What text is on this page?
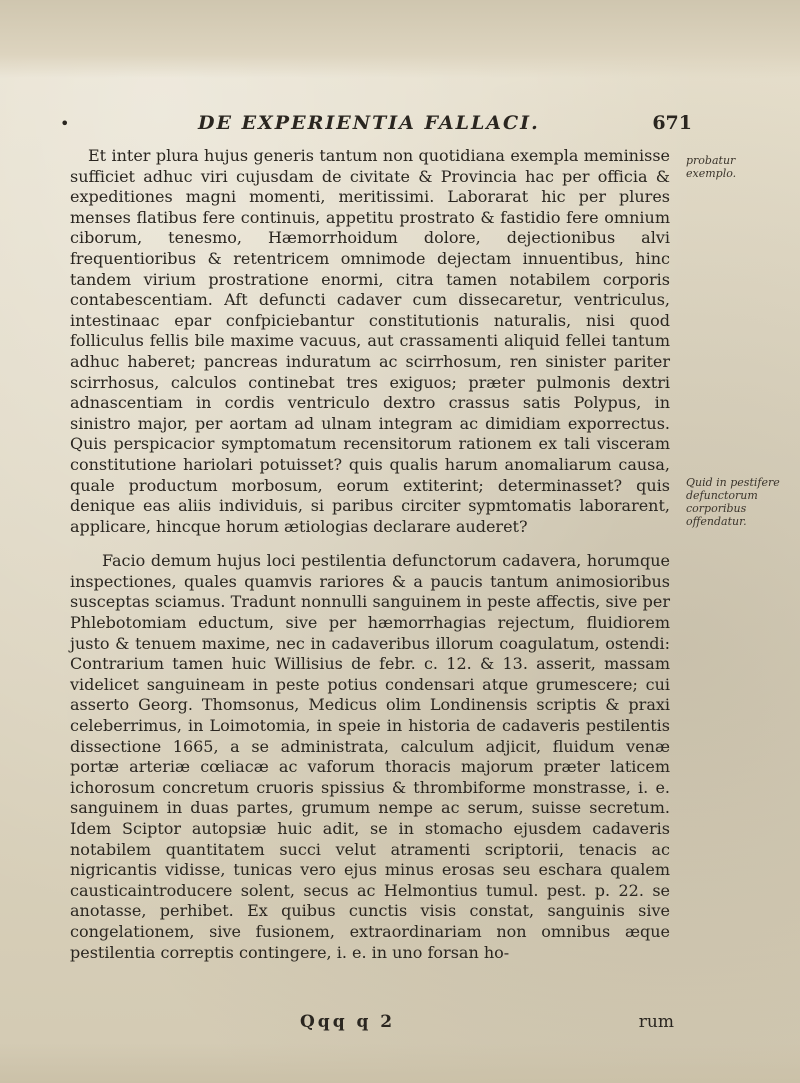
•	DE EXPERIENTIA FALLACI.	671

Et inter plura hujus generis tantum non quotidiana exempla meminisse sufficiet adhuc viri cujusdam de civitate & Provincia hac per officia & expeditiones magni momenti, meritissimi. Laborarat hic per plures menses flatibus fere continuis, appetitu prostrato & fastidio fere omnium ciborum, tenesmo, Hæmorrhoidum dolore, dejectionibus alvi frequentioribus & retentricem omnimode dejectam innuentibus, hinc tandem virium prostratione enormi, citra tamen notabilem corporis contabescentiam. Aft defuncti cadaver cum dissecaretur, ventriculus, intestinaac epar confpiciebantur constitutionis naturalis, nisi quod folliculus fellis bile maxime vacuus, aut crassamenti aliquid fellei tantum adhuc haberet; pancreas induratum ac scirrhosum, ren sinister pariter scirrhosus, calculos continebat tres exiguos; præter pulmonis dextri adnascentiam in cordis ventriculo dextro crassus satis Polypus, in sinistro major, per aortam ad ulnam integram ac dimidiam exporrectus. Quis perspicacior symptomatum recensitorum rationem ex tali visceram constitutione hariolari potuisset? quis qualis harum anomaliarum causa, quale productum morbosum, eorum extiterint; determinasset? quis denique eas aliis individuis, si paribus circiter sypmtomatis laborarent, applicare, hincque horum ætiologias declarare auderet?

Facio demum hujus loci pestilentia defunctorum cadavera, horumque inspectiones, quales quamvis rariores & a paucis tantum animosioribus susceptas sciamus. Tradunt nonnulli sanguinem in peste affectis, sive per Phlebotomiam eductum, sive per hæmorrhagias rejectum, fluidiorem justo & tenuem maxime, nec in cadaveribus illorum coagulatum, ostendi: Contrarium tamen huic Willisius de febr. c. 12. & 13. asserit, massam videlicet sanguineam in peste potius condensari atque grumescere; cui asserto Georg. Thomsonus, Medicus olim Londinensis scriptis & praxi celeberrimus, in Loimotomia, in speie in historia de cadaveris pestilentis dissectione 1665, a se administrata, calculum adjicit, fluidum venæ portæ arteriæ cœliacæ ac vaforum thoracis majorum præter laticem ichorosum concretum cruoris spissius & thrombiforme monstrasse, i. e. sanguinem in duas partes, grumum nempe ac serum, suisse secretum. Idem Sciptor autopsiæ huic adit, se in stomacho ejusdem cadaveris notabilem quantitatem succi velut atramenti scriptorii, tenacis ac nigricantis vidisse, tunicas vero ejus minus erosas seu eschara qualem causticaintroducere solent, secus ac Helmontius tumul. pest. p. 22. se anotasse, perhibet. Ex quibus cunctis visis constat, sanguinis sive congelationem, sive fusionem, extraordinariam non omnibus æque pestilentia correptis contingere, i. e. in uno forsan ho-

probatur exemplo.
Quid in pestifere defunctorum corporibus offendatur.
Qqq q 2	rum
